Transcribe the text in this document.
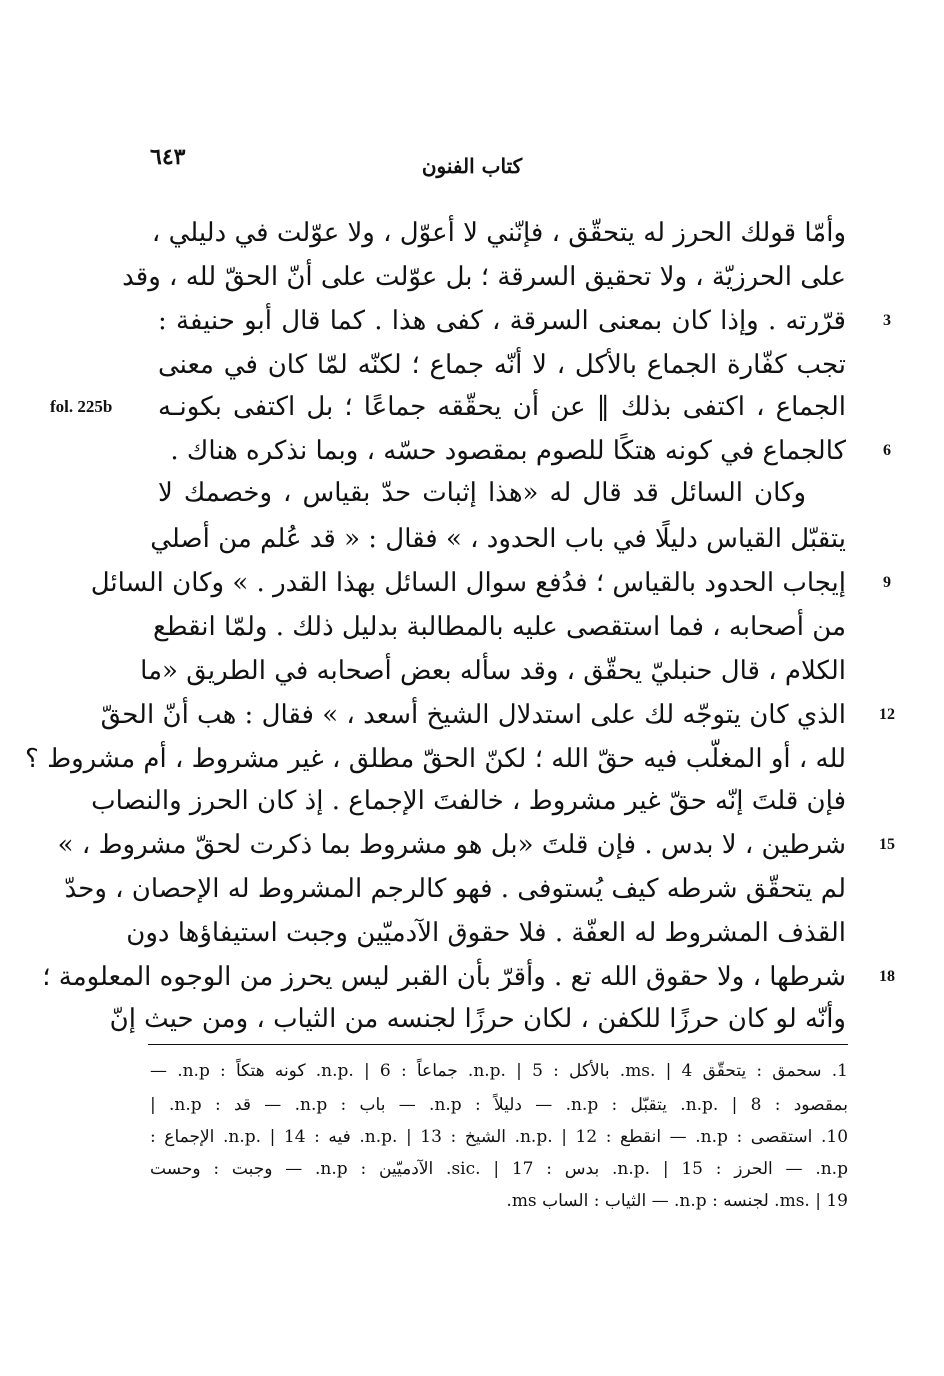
٦٤٣	كتاب الفنون
fol. 225b
وأمّا قولك الحرز له يتحقّق ، فإنّني لا أعوّل ، ولا عوّلت في دليلي ،
على الحرزيّة ، ولا تحقيق السرقة ؛ بل عوّلت على أنّ الحقّ لله ، وقد
قرّرته . وإذا كان بمعنى السرقة ، كفى هذا . كما قال أبو حنيفة :
تجب كفّارة الجماع بالأكل ، لا أنّه جماع ؛ لكنّه لمّا كان في معنى
الجماع ، اكتفى بذلك ‖ عن أن يحقّقه جماعًا ؛ بل اكتفى بكونـه
كالجماع في كونه هتكًا للصوم بمقصود حسّه ، وبما نذكره هناك .
وكان السائل قد قال له «هذا إثبات حدّ بقياس ، وخصمك لا
يتقبّل القياس دليلًا في باب الحدود ، » فقال : « قد عُلم من أصلي
إيجاب الحدود بالقياس ؛ فدُفع سوال السائل بهذا القدر . » وكان السائل
من أصحابه ، فما استقصى عليه بالمطالبة بدليل ذلك . ولمّا انقطع
الكلام ، قال حنبليّ يحقّق ، وقد سأله بعض أصحابه في الطريق «ما
الذي كان يتوجّه لك على استدلال الشيخ أسعد ، » فقال : هب أنّ الحقّ
لله ، أو المغلّب فيه حقّ الله ؛ لكنّ الحقّ مطلق ، غير مشروط ، أم مشروط ؟
فإن قلتَ إنّه حقّ غير مشروط ، خالفتَ الإجماع . إذ كان الحرز والنصاب
شرطين ، لا بدس . فإن قلتَ «بل هو مشروط بما ذكرت لحقّ مشروط ، »
لم يتحقّق شرطه كيف يُستوفى . فهو كالرجم المشروط له الإحصان ، وحدّ
القذف المشروط له العفّة . فلا حقوق الآدميّين وجبت استيفاؤها دون
شرطها ، ولا حقوق الله تع . وأقرّ بأن القبر ليس يحرز من الوجوه المعلومة ؛
وأنّه لو كان حرزًا للكفن ، لكان حرزًا لجنسه من الثياب ، ومن حيث إنّ
3
6
9
12
15
18
1. سحمق : يتحقّق ms. | 4. بالأكل : n.p. | 5. جماعاً : n.p. | 6. كونه هتكاً : n.p. —
بمقصود : n.p. | 8. يتقبّل : n.p. — دليلاً : n.p. — باب : n.p. — قد : n.p. |
10. استقصى : n.p. — انقطع : n.p. | 12. الشيخ : n.p. | 13. فيه : n.p. | 14. الإجماع :
n.p. — الحرز : n.p. | 15. بدس : sic. | 17. الآدميّين : n.p. — وجبت : وحست
ms. | 19. لجنسه : n.p. — الثياب : الساب ms.
